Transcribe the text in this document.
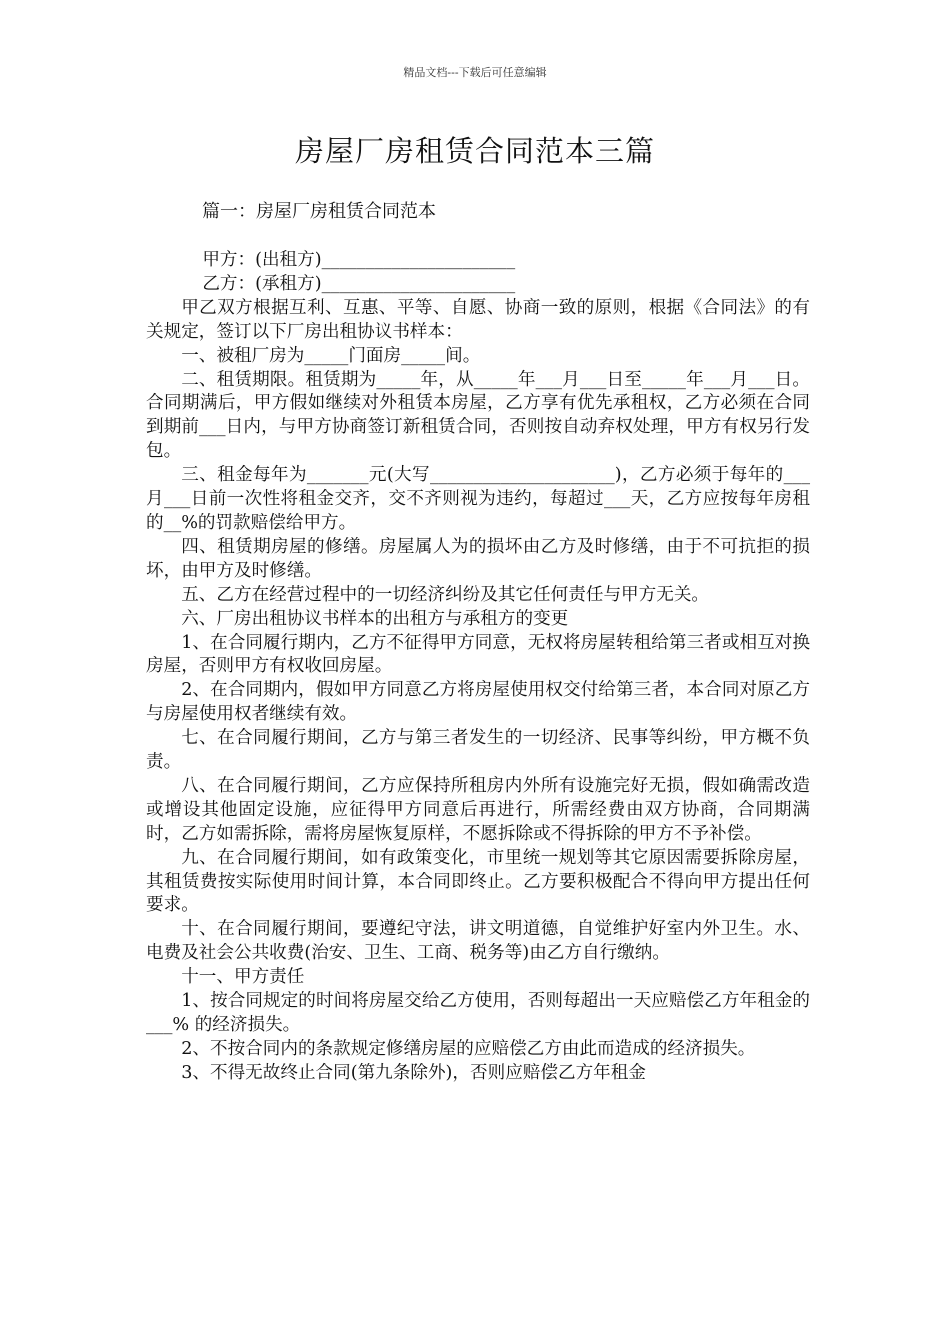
精品文档---下载后可任意编辑
房屋厂房租赁合同范本三篇
篇一：房屋厂房租赁合同范本

甲方：(出租方)______________________

乙方：(承租方)______________________

甲乙双方根据互利、互惠、平等、自愿、协商一致的原则，根据《合同法》的有关规定，签订以下厂房出租协议书样本：

一、被租厂房为_____门面房_____间。

二、租赁期限。租赁期为_____年，从_____年___月___日至_____年___月___日。合同期满后，甲方假如继续对外租赁本房屋，乙方享有优先承租权，乙方必须在合同到期前___日内，与甲方协商签订新租赁合同，否则按自动弃权处理，甲方有权另行发包。

三、租金每年为_______元(大写_____________________)，乙方必须于每年的___月___日前一次性将租金交齐，交不齐则视为违约，每超过___天，乙方应按每年房租的__%的罚款赔偿给甲方。

四、租赁期房屋的修缮。房屋属人为的损坏由乙方及时修缮，由于不可抗拒的损坏，由甲方及时修缮。

五、乙方在经营过程中的一切经济纠纷及其它任何责任与甲方无关。

六、厂房出租协议书样本的出租方与承租方的变更

1、在合同履行期内，乙方不征得甲方同意，无权将房屋转租给第三者或相互对换房屋，否则甲方有权收回房屋。

2、在合同期内，假如甲方同意乙方将房屋使用权交付给第三者，本合同对原乙方与房屋使用权者继续有效。

七、在合同履行期间，乙方与第三者发生的一切经济、民事等纠纷，甲方概不负责。

八、在合同履行期间，乙方应保持所租房内外所有设施完好无损，假如确需改造或增设其他固定设施，应征得甲方同意后再进行，所需经费由双方协商，合同期满时，乙方如需拆除，需将房屋恢复原样，不愿拆除或不得拆除的甲方不予补偿。

九、在合同履行期间，如有政策变化，市里统一规划等其它原因需要拆除房屋，其租赁费按实际使用时间计算，本合同即终止。乙方要积极配合不得向甲方提出任何要求。

十、在合同履行期间，要遵纪守法，讲文明道德，自觉维护好室内外卫生。水、电费及社会公共收费(治安、卫生、工商、税务等)由乙方自行缴纳。

十一、甲方责任

1、按合同规定的时间将房屋交给乙方使用，否则每超出一天应赔偿乙方年租金的___% 的经济损失。

2、不按合同内的条款规定修缮房屋的应赔偿乙方由此而造成的经济损失。

3、不得无故终止合同(第九条除外)，否则应赔偿乙方年租金
